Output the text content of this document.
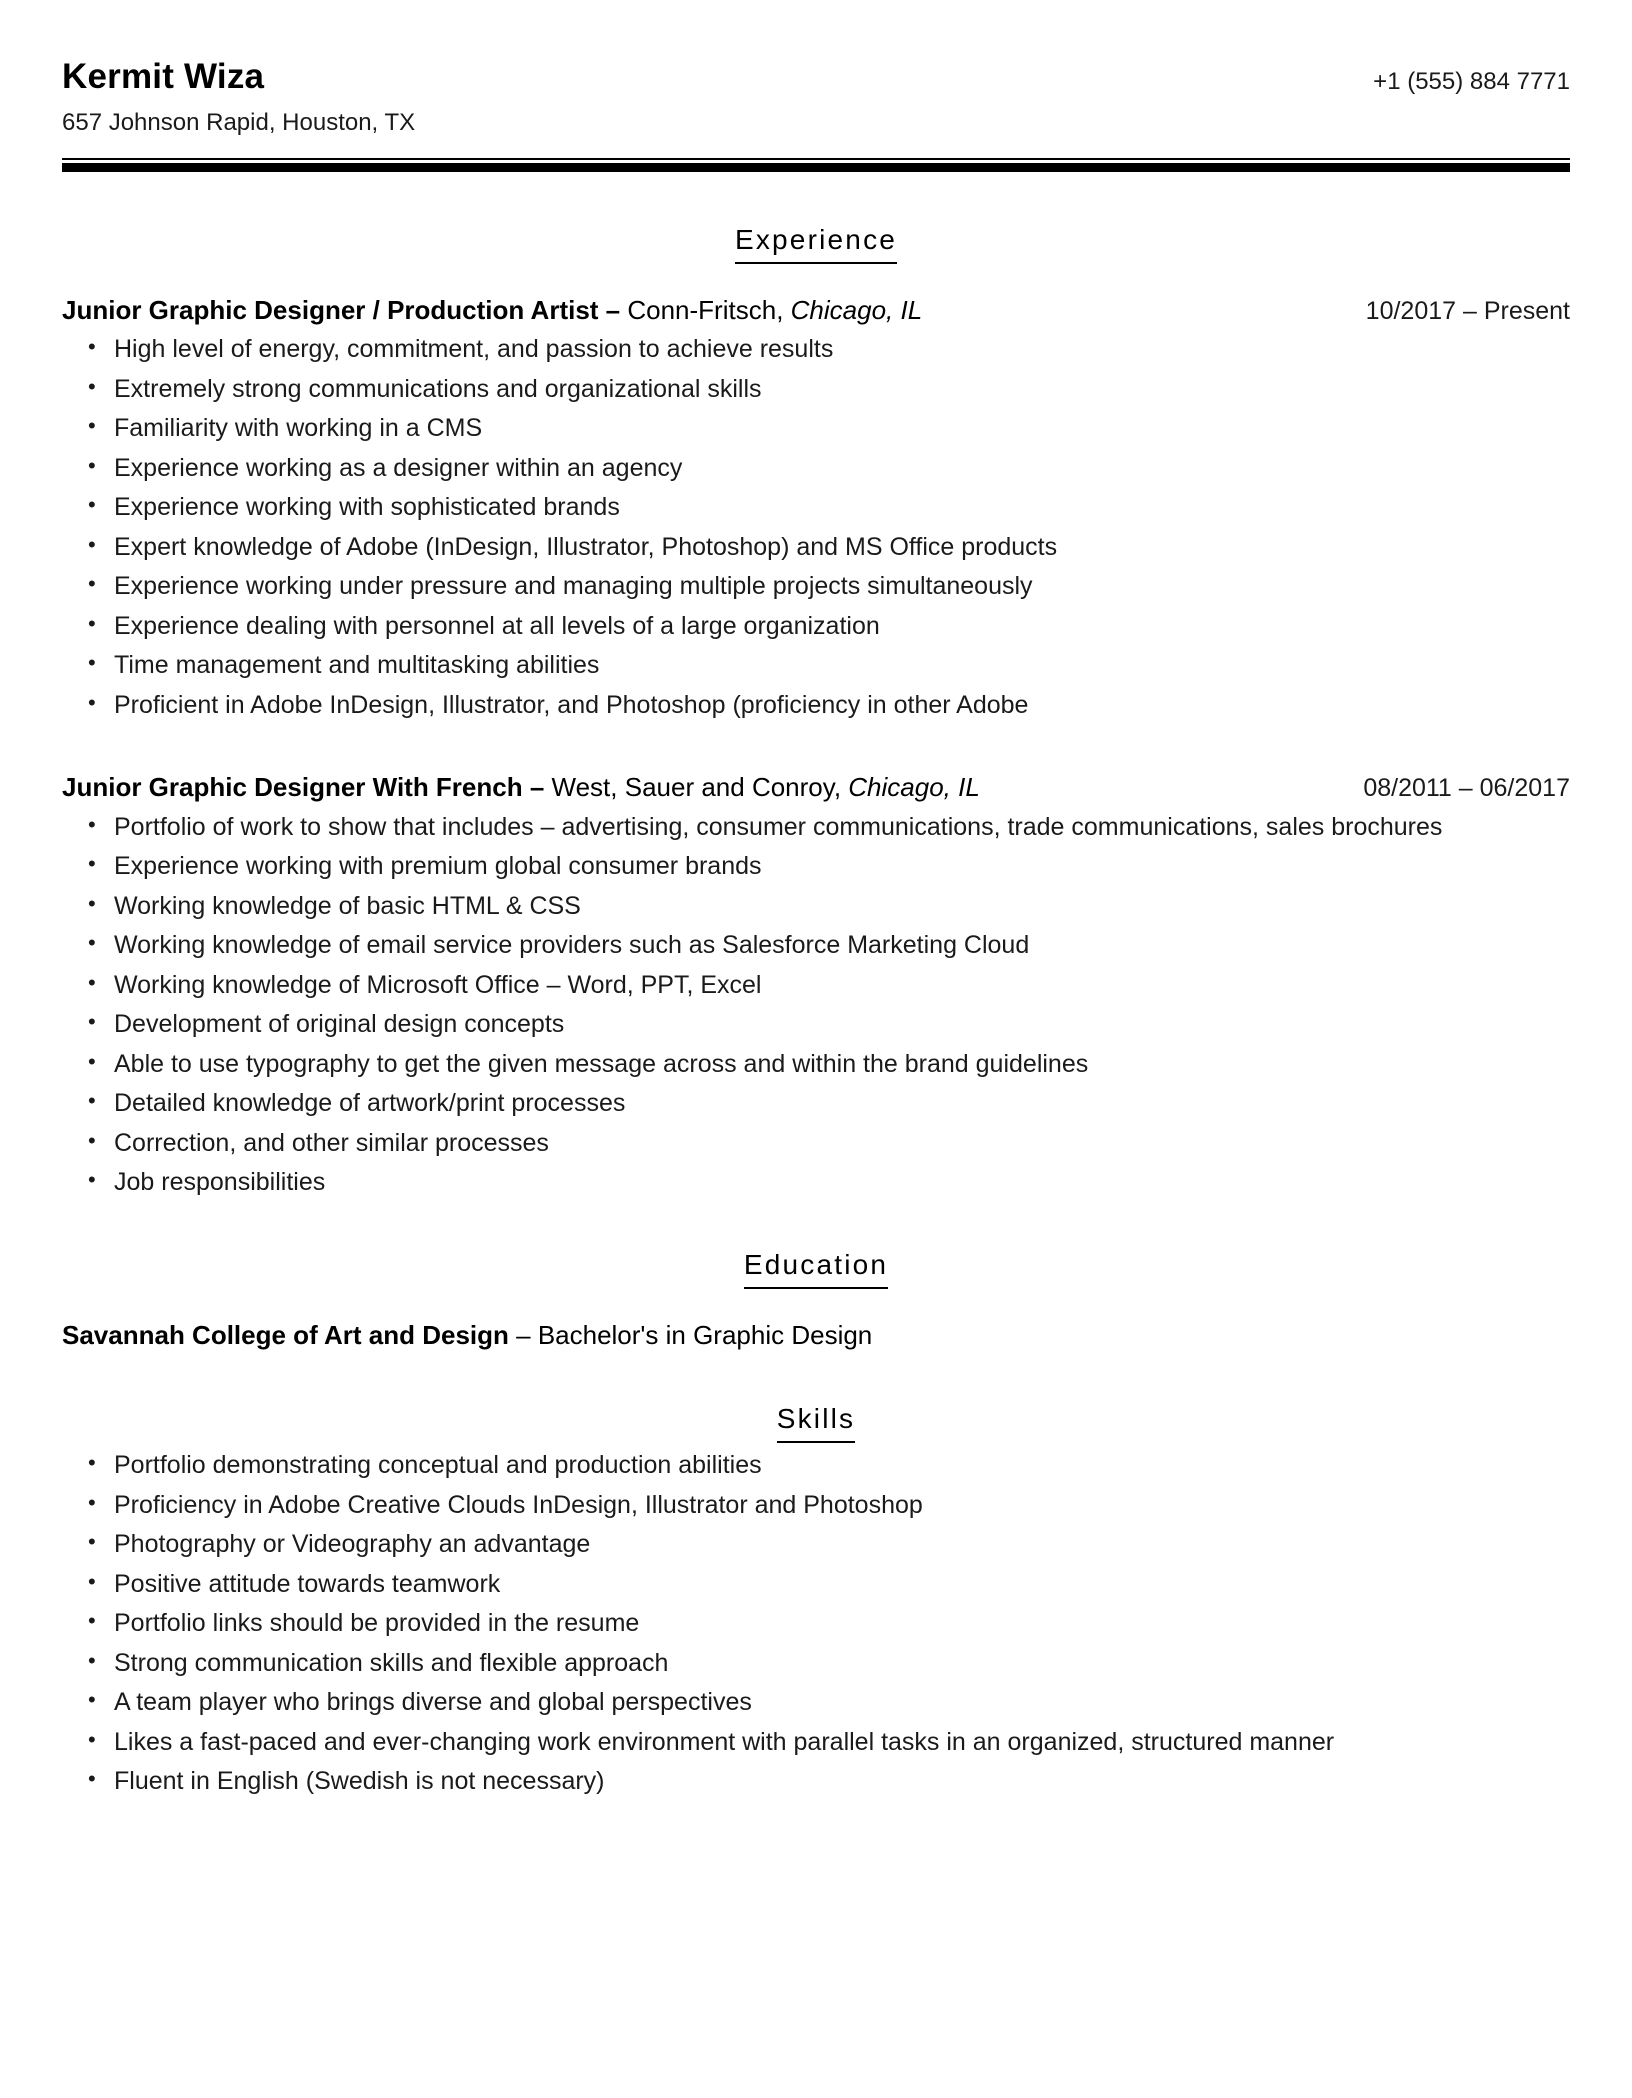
Kermit Wiza
657 Johnson Rapid, Houston, TX
+1 (555) 884 7771
Experience
Junior Graphic Designer / Production Artist – Conn-Fritsch, Chicago, IL	10/2017 – Present
• High level of energy, commitment, and passion to achieve results
• Extremely strong communications and organizational skills
• Familiarity with working in a CMS
• Experience working as a designer within an agency
• Experience working with sophisticated brands
• Expert knowledge of Adobe (InDesign, Illustrator, Photoshop) and MS Office products
• Experience working under pressure and managing multiple projects simultaneously
• Experience dealing with personnel at all levels of a large organization
• Time management and multitasking abilities
• Proficient in Adobe InDesign, Illustrator, and Photoshop (proficiency in other Adobe
Junior Graphic Designer With French – West, Sauer and Conroy, Chicago, IL	08/2011 – 06/2017
• Portfolio of work to show that includes – advertising, consumer communications, trade communications, sales brochures
• Experience working with premium global consumer brands
• Working knowledge of basic HTML & CSS
• Working knowledge of email service providers such as Salesforce Marketing Cloud
• Working knowledge of Microsoft Office – Word, PPT, Excel
• Development of original design concepts
• Able to use typography to get the given message across and within the brand guidelines
• Detailed knowledge of artwork/print processes
• Correction, and other similar processes
• Job responsibilities
Education
Savannah College of Art and Design – Bachelor's in Graphic Design
Skills
• Portfolio demonstrating conceptual and production abilities
• Proficiency in Adobe Creative Clouds InDesign, Illustrator and Photoshop
• Photography or Videography an advantage
• Positive attitude towards teamwork
• Portfolio links should be provided in the resume
• Strong communication skills and flexible approach
• A team player who brings diverse and global perspectives
• Likes a fast-paced and ever-changing work environment with parallel tasks in an organized, structured manner
• Fluent in English (Swedish is not necessary)
